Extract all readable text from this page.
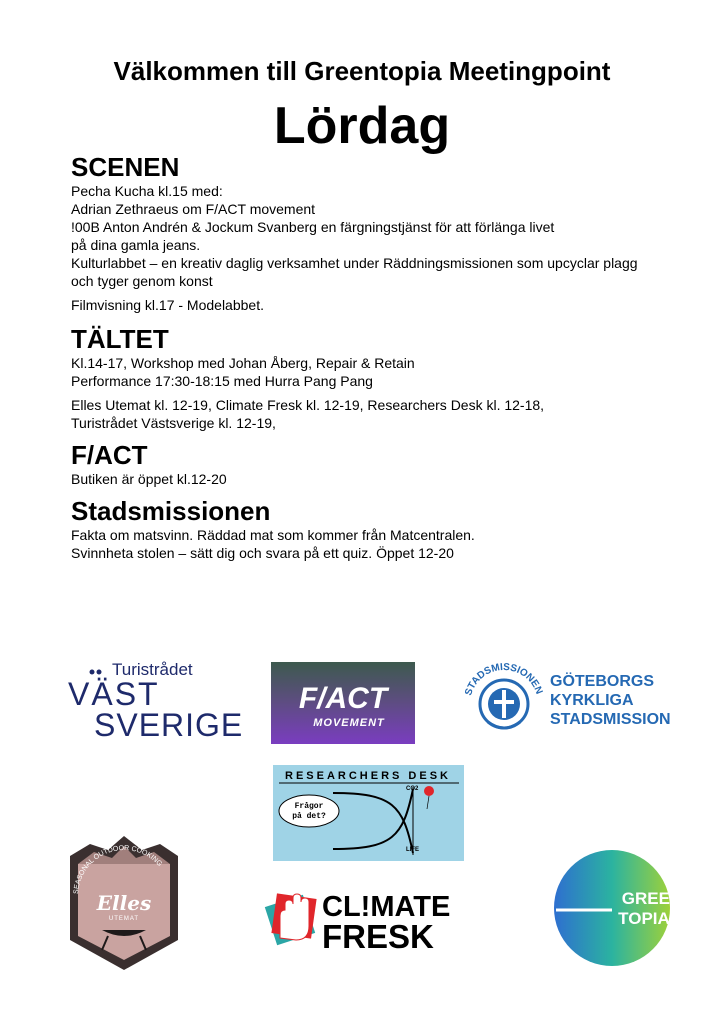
Välkommen till Greentopia Meetingpoint
Lördag
SCENEN

Pecha Kucha kl.15 med:
Adrian Zethraeus om F/ACT movement
!00B Anton Andrén & Jockum Svanberg en färgningstjänst för att förlänga livet
på dina gamla jeans.
Kulturlabbet – en kreativ daglig verksamhet under Räddningsmissionen som upcyclar plagg
och tyger genom konst

Filmvisning kl.17 - Modelabbet.

TÄLTET

Kl.14-17, Workshop med Johan Åberg, Repair & Retain
Performance 17:30-18:15 med Hurra Pang Pang

Elles Utemat kl. 12-19, Climate Fresk kl. 12-19, Researchers Desk kl. 12-18,
Turistrådet Västsverige kl. 12-19,

F/ACT

Butiken är öppet kl.12-20

Stadsmissionen

Fakta om matsvinn. Räddad mat som kommer från Matcentralen.
Svinnheta stolen – sätt dig och svara på ett quiz. Öppet 12-20

Turistrådet
VÄST
SVERIGE
F/ACT
MOVEMENT
STADSMISSIONEN
GÖTEBORGS
KYRKLIGA
STADSMISSION
RESEARCHERS DESK
Frågor
på det?
CO2
LIFE
SEASONAL OUTDOOR COOKING
Elles
UTEMAT	CL!MATE
FRESK
GREEN
TOPIA
